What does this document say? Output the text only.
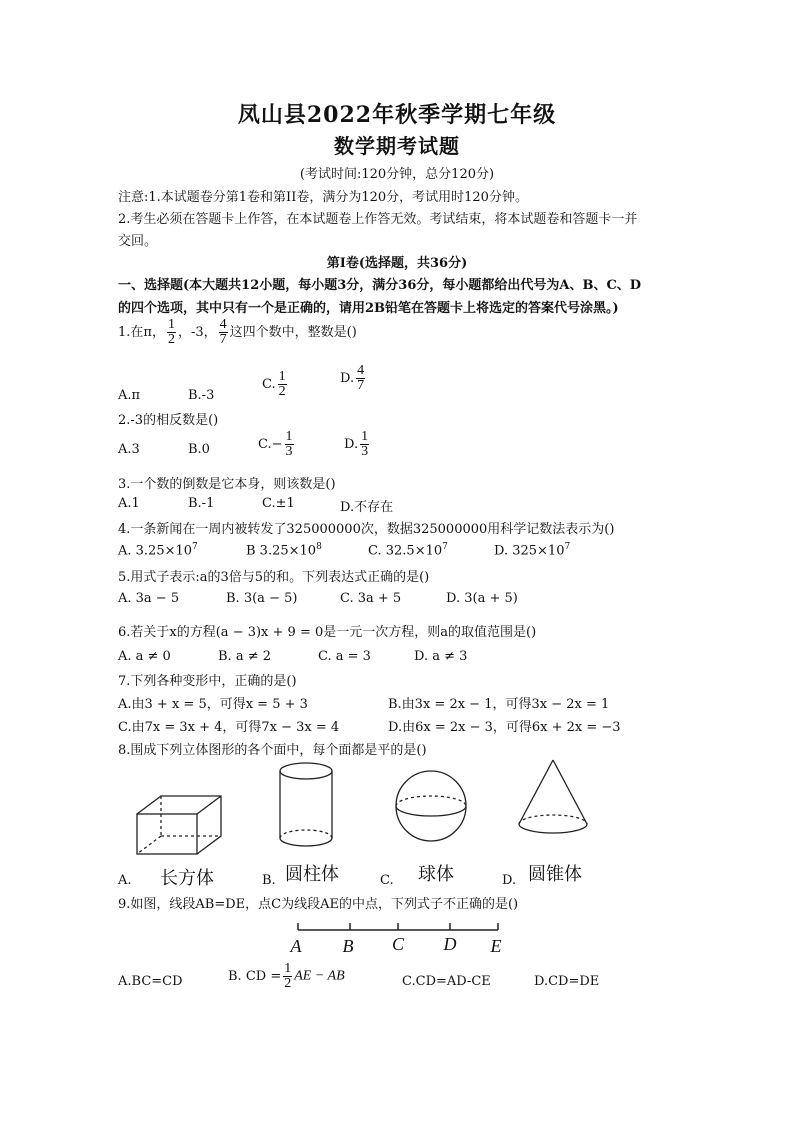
凤山县2022年秋季学期七年级
数学期考试题
(考试时间:120分钟，总分120分)
注意:1.本试题卷分第1卷和第II卷，满分为120分，考试用时120分钟。
2.考生必须在答题卡上作答，在本试题卷上作答无效。考试结束，将本试题卷和答题卡一并
交回。
第I卷(选择题，共36分)
一、选择题(本大题共12小题，每小题3分，满分36分，每小题都给出代号为A、B、C、D
的四个选项，其中只有一个是正确的，请用2B铅笔在答题卡上将选定的答案代号涂黑。)
1.在π， $\frac{1}{2}$ ，-3， $\frac{4}{7}$ 这四个数中，整数是()
A.π	B.-3
C. $\frac{1}{2}$	D. $\frac{4}{7}$
2.-3的相反数是()
A.3	B.0	$C.- \frac{1}{3}$	D. $\frac{1}{3}$
3.一个数的倒数是它本身，则该数是()
A.1	B.-1	C.±1	D.不存在
4.一条新闻在一周内被转发了325000000次，数据325000000用科学记数法表示为()
A. $3.25\times 10^7$	B $3.25\times 10^8$	C. $32.5\times 10^7$	D. $325\times 10^7$
5.用式子表示:a的3倍与5的和。下列表达式正确的是()
A. 3a − 5	B. 3(a − 5)	C. 3a + 5	D. 3(a + 5)
6.若关于x的方程(a − 3)x + 9 = 0是一元一次方程，则a的取值范围是()
A. a ≠ 0	B. a ≠ 2	C. a = 3	D. a ≠ 3
7.下列各种变形中，正确的是()
A.由3 + x = 5，可得x = 5 + 3	B.由3x = 2x − 1，可得3x − 2x = 1
C.由7x = 3x + 4，可得7x − 3x = 4	D.由6x = 2x − 3，可得6x + 2x = −3
8.围成下列立体图形的各个面中，每个面都是平的是()
A. 长方体	B. 圆柱体	C. 球体	D. 圆锥体
9.如图，线段AB=DE，点C为线段AE的中点，下列式子不正确的是()
A B C D E
A.BC=CD	B. CD = $\frac{1}{2}$ AE − AB	C.CD=AD-CE	D.CD=DE
